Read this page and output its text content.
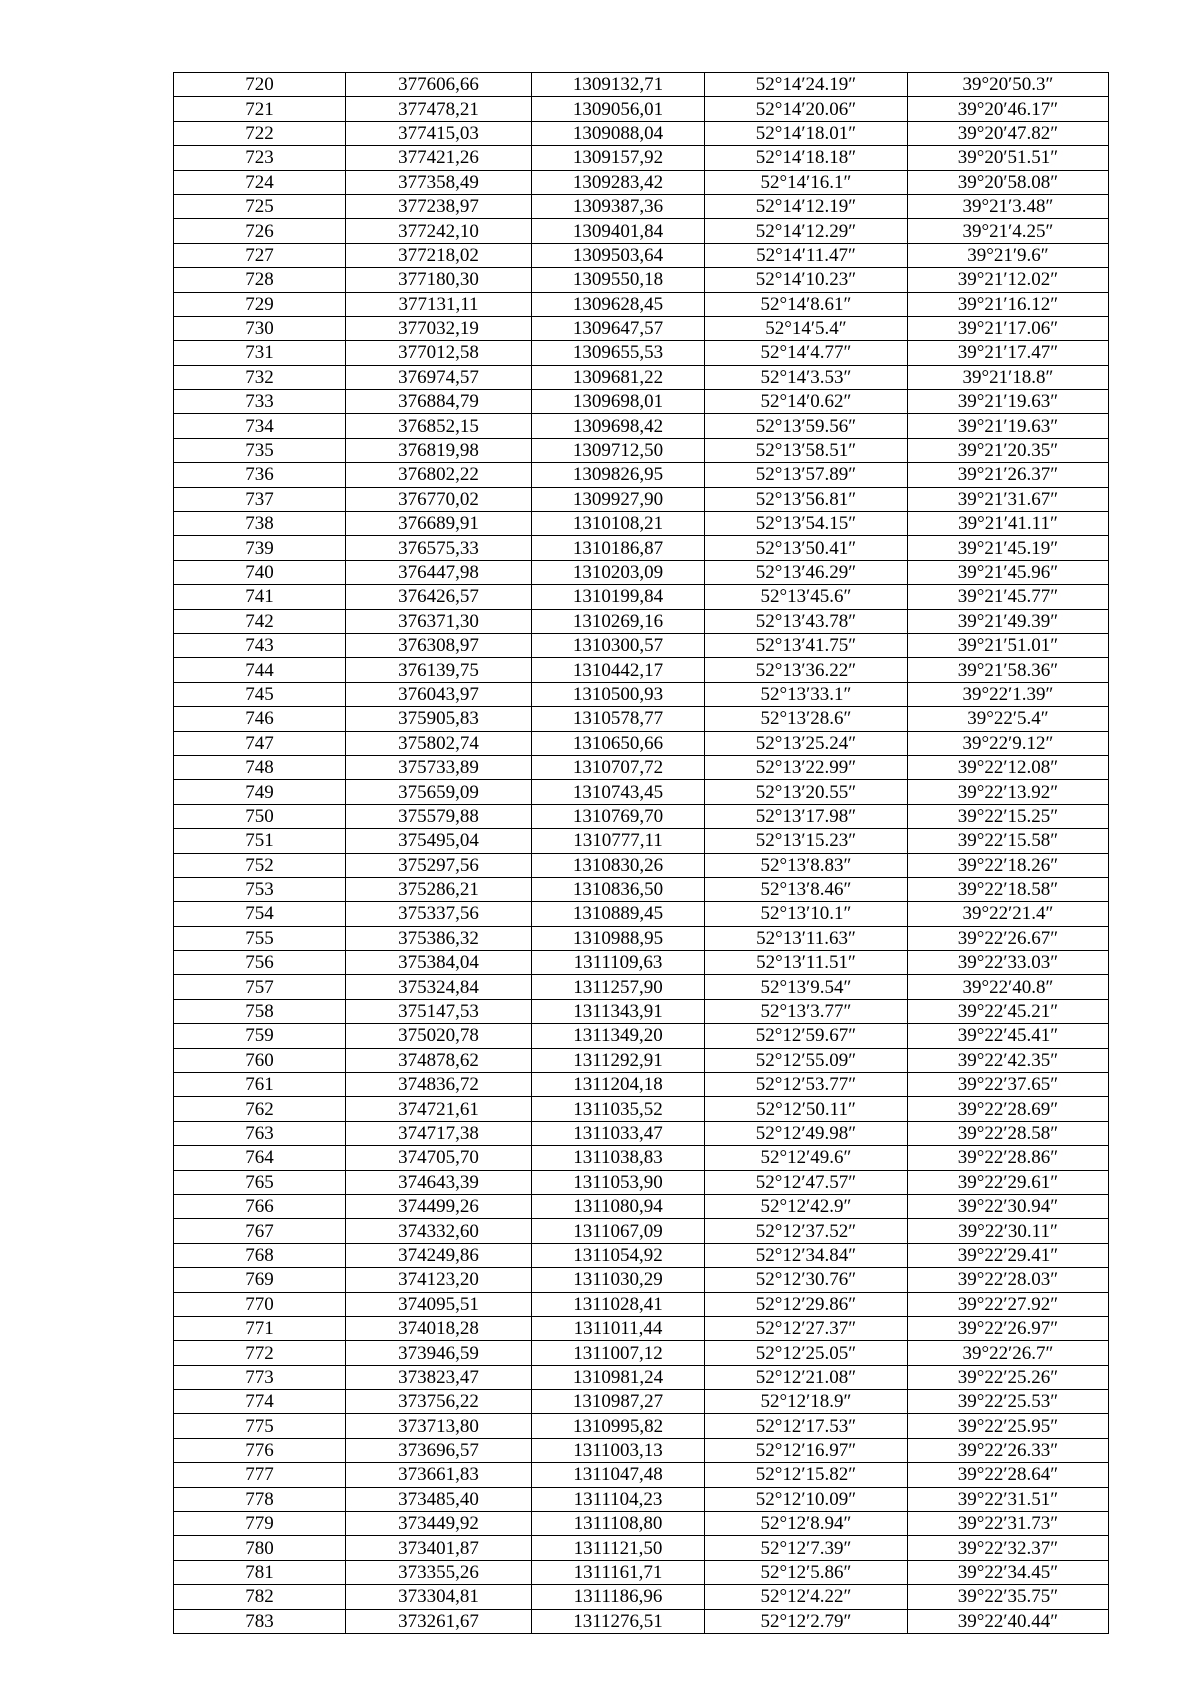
720	377606,66	1309132,71	52°14′24.19″	39°20′50.3″
721	377478,21	1309056,01	52°14′20.06″	39°20′46.17″
722	377415,03	1309088,04	52°14′18.01″	39°20′47.82″
723	377421,26	1309157,92	52°14′18.18″	39°20′51.51″
724	377358,49	1309283,42	52°14′16.1″	39°20′58.08″
725	377238,97	1309387,36	52°14′12.19″	39°21′3.48″
726	377242,10	1309401,84	52°14′12.29″	39°21′4.25″
727	377218,02	1309503,64	52°14′11.47″	39°21′9.6″
728	377180,30	1309550,18	52°14′10.23″	39°21′12.02″
729	377131,11	1309628,45	52°14′8.61″	39°21′16.12″
730	377032,19	1309647,57	52°14′5.4″	39°21′17.06″
731	377012,58	1309655,53	52°14′4.77″	39°21′17.47″
732	376974,57	1309681,22	52°14′3.53″	39°21′18.8″
733	376884,79	1309698,01	52°14′0.62″	39°21′19.63″
734	376852,15	1309698,42	52°13′59.56″	39°21′19.63″
735	376819,98	1309712,50	52°13′58.51″	39°21′20.35″
736	376802,22	1309826,95	52°13′57.89″	39°21′26.37″
737	376770,02	1309927,90	52°13′56.81″	39°21′31.67″
738	376689,91	1310108,21	52°13′54.15″	39°21′41.11″
739	376575,33	1310186,87	52°13′50.41″	39°21′45.19″
740	376447,98	1310203,09	52°13′46.29″	39°21′45.96″
741	376426,57	1310199,84	52°13′45.6″	39°21′45.77″
742	376371,30	1310269,16	52°13′43.78″	39°21′49.39″
743	376308,97	1310300,57	52°13′41.75″	39°21′51.01″
744	376139,75	1310442,17	52°13′36.22″	39°21′58.36″
745	376043,97	1310500,93	52°13′33.1″	39°22′1.39″
746	375905,83	1310578,77	52°13′28.6″	39°22′5.4″
747	375802,74	1310650,66	52°13′25.24″	39°22′9.12″
748	375733,89	1310707,72	52°13′22.99″	39°22′12.08″
749	375659,09	1310743,45	52°13′20.55″	39°22′13.92″
750	375579,88	1310769,70	52°13′17.98″	39°22′15.25″
751	375495,04	1310777,11	52°13′15.23″	39°22′15.58″
752	375297,56	1310830,26	52°13′8.83″	39°22′18.26″
753	375286,21	1310836,50	52°13′8.46″	39°22′18.58″
754	375337,56	1310889,45	52°13′10.1″	39°22′21.4″
755	375386,32	1310988,95	52°13′11.63″	39°22′26.67″
756	375384,04	1311109,63	52°13′11.51″	39°22′33.03″
757	375324,84	1311257,90	52°13′9.54″	39°22′40.8″
758	375147,53	1311343,91	52°13′3.77″	39°22′45.21″
759	375020,78	1311349,20	52°12′59.67″	39°22′45.41″
760	374878,62	1311292,91	52°12′55.09″	39°22′42.35″
761	374836,72	1311204,18	52°12′53.77″	39°22′37.65″
762	374721,61	1311035,52	52°12′50.11″	39°22′28.69″
763	374717,38	1311033,47	52°12′49.98″	39°22′28.58″
764	374705,70	1311038,83	52°12′49.6″	39°22′28.86″
765	374643,39	1311053,90	52°12′47.57″	39°22′29.61″
766	374499,26	1311080,94	52°12′42.9″	39°22′30.94″
767	374332,60	1311067,09	52°12′37.52″	39°22′30.11″
768	374249,86	1311054,92	52°12′34.84″	39°22′29.41″
769	374123,20	1311030,29	52°12′30.76″	39°22′28.03″
770	374095,51	1311028,41	52°12′29.86″	39°22′27.92″
771	374018,28	1311011,44	52°12′27.37″	39°22′26.97″
772	373946,59	1311007,12	52°12′25.05″	39°22′26.7″
773	373823,47	1310981,24	52°12′21.08″	39°22′25.26″
774	373756,22	1310987,27	52°12′18.9″	39°22′25.53″
775	373713,80	1310995,82	52°12′17.53″	39°22′25.95″
776	373696,57	1311003,13	52°12′16.97″	39°22′26.33″
777	373661,83	1311047,48	52°12′15.82″	39°22′28.64″
778	373485,40	1311104,23	52°12′10.09″	39°22′31.51″
779	373449,92	1311108,80	52°12′8.94″	39°22′31.73″
780	373401,87	1311121,50	52°12′7.39″	39°22′32.37″
781	373355,26	1311161,71	52°12′5.86″	39°22′34.45″
782	373304,81	1311186,96	52°12′4.22″	39°22′35.75″
783	373261,67	1311276,51	52°12′2.79″	39°22′40.44″
